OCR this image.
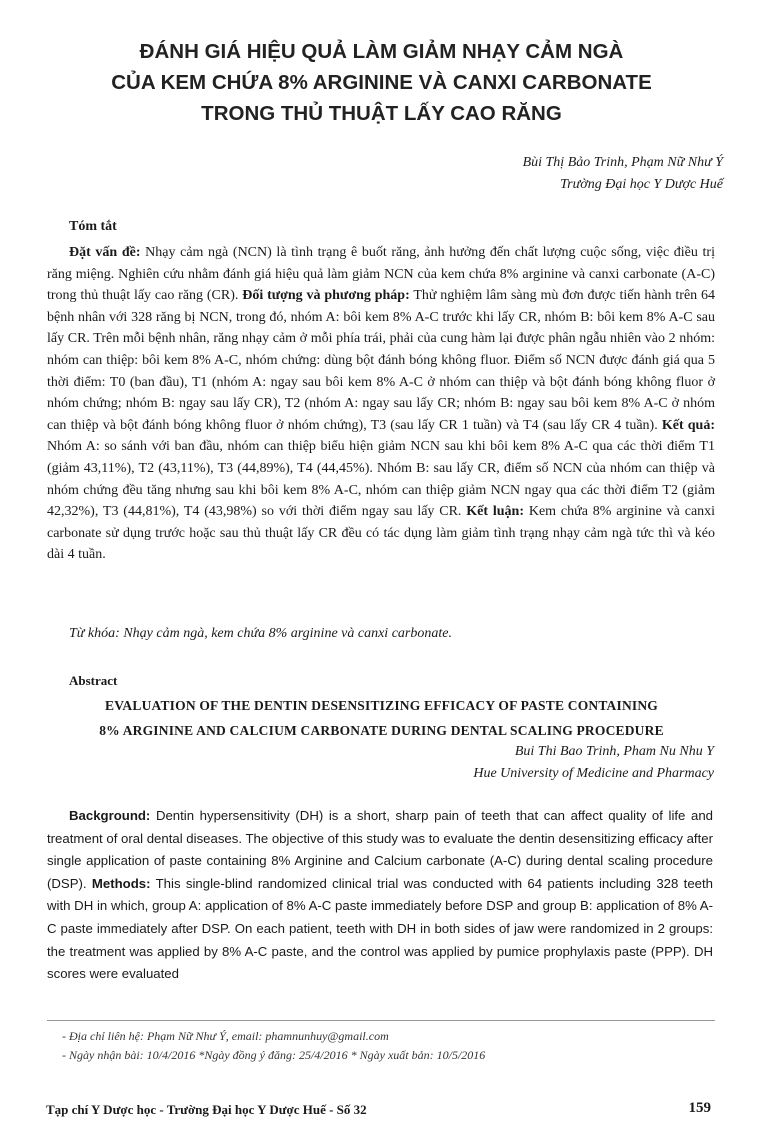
ĐÁNH GIÁ HIỆU QUẢ LÀM GIẢM NHẠY CẢM NGÀ
CỦA KEM CHỨA 8% ARGININE VÀ CANXI CARBONATE
TRONG THỦ THUẬT LẤY CAO RĂNG
Bùi Thị Bảo Trinh, Phạm Nữ Như Ý
Trường Đại học Y Dược Huế
Tóm tắt
Đặt vấn đề: Nhạy cảm ngà (NCN) là tình trạng ê buốt răng, ảnh hưởng đến chất lượng cuộc sống, việc điều trị răng miệng. Nghiên cứu nhằm đánh giá hiệu quả làm giảm NCN của kem chứa 8% arginine và canxi carbonate (A-C) trong thủ thuật lấy cao răng (CR). Đối tượng và phương pháp: Thử nghiệm lâm sàng mù đơn được tiến hành trên 64 bệnh nhân với 328 răng bị NCN, trong đó, nhóm A: bôi kem 8% A-C trước khi lấy CR, nhóm B: bôi kem 8% A-C sau lấy CR. Trên mỗi bệnh nhân, răng nhạy cảm ở mỗi phía trái, phải của cung hàm lại được phân ngẫu nhiên vào 2 nhóm: nhóm can thiệp: bôi kem 8% A-C, nhóm chứng: dùng bột đánh bóng không fluor. Điểm số NCN được đánh giá qua 5 thời điểm: T0 (ban đầu), T1 (nhóm A: ngay sau bôi kem 8% A-C ở nhóm can thiệp và bột đánh bóng không fluor ở nhóm chứng; nhóm B: ngay sau lấy CR), T2 (nhóm A: ngay sau lấy CR; nhóm B: ngay sau bôi kem 8% A-C ở nhóm can thiệp và bột đánh bóng không fluor ở nhóm chứng), T3 (sau lấy CR 1 tuần) và T4 (sau lấy CR 4 tuần). Kết quả: Nhóm A: so sánh với ban đầu, nhóm can thiệp biểu hiện giảm NCN sau khi bôi kem 8% A-C qua các thời điểm T1 (giảm 43,11%), T2 (43,11%), T3 (44,89%), T4 (44,45%). Nhóm B: sau lấy CR, điểm số NCN của nhóm can thiệp và nhóm chứng đều tăng nhưng sau khi bôi kem 8% A-C, nhóm can thiệp giảm NCN ngay qua các thời điểm T2 (giảm 42,32%), T3 (44,81%), T4 (43,98%) so với thời điểm ngay sau lấy CR. Kết luận: Kem chứa 8% arginine và canxi carbonate sử dụng trước hoặc sau thủ thuật lấy CR đều có tác dụng làm giảm tình trạng nhạy cảm ngà tức thì và kéo dài 4 tuần.
Từ khóa: Nhạy cảm ngà, kem chứa 8% arginine và canxi carbonate.
Abstract
EVALUATION OF THE DENTIN DESENSITIZING EFFICACY OF PASTE CONTAINING
8% ARGININE AND CALCIUM CARBONATE DURING DENTAL SCALING PROCEDURE
Bui Thi Bao Trinh, Pham Nu Nhu Y
Hue University of Medicine and Pharmacy
Background: Dentin hypersensitivity (DH) is a short, sharp pain of teeth that can affect quality of life and treatment of oral dental diseases. The objective of this study was to evaluate the dentin desensitizing efficacy after single application of paste containing 8% Arginine and Calcium carbonate (A-C) during dental scaling procedure (DSP). Methods: This single-blind randomized clinical trial was conducted with 64 patients including 328 teeth with DH in which, group A: application of 8% A-C paste immediately before DSP and group B: application of 8% A-C paste immediately after DSP. On each patient, teeth with DH in both sides of jaw were randomized in 2 groups: the treatment was applied by 8% A-C paste, and the control was applied by pumice prophylaxis paste (PPP). DH scores were evaluated
- Địa chỉ liên hệ: Phạm Nữ Như Ý, email: phamnunhuy@gmail.com
- Ngày nhận bài: 10/4/2016 *Ngày đồng ý đăng: 25/4/2016 * Ngày xuất bản: 10/5/2016
Tạp chí Y Dược học - Trường Đại học Y Dược Huế - Số 32	159
